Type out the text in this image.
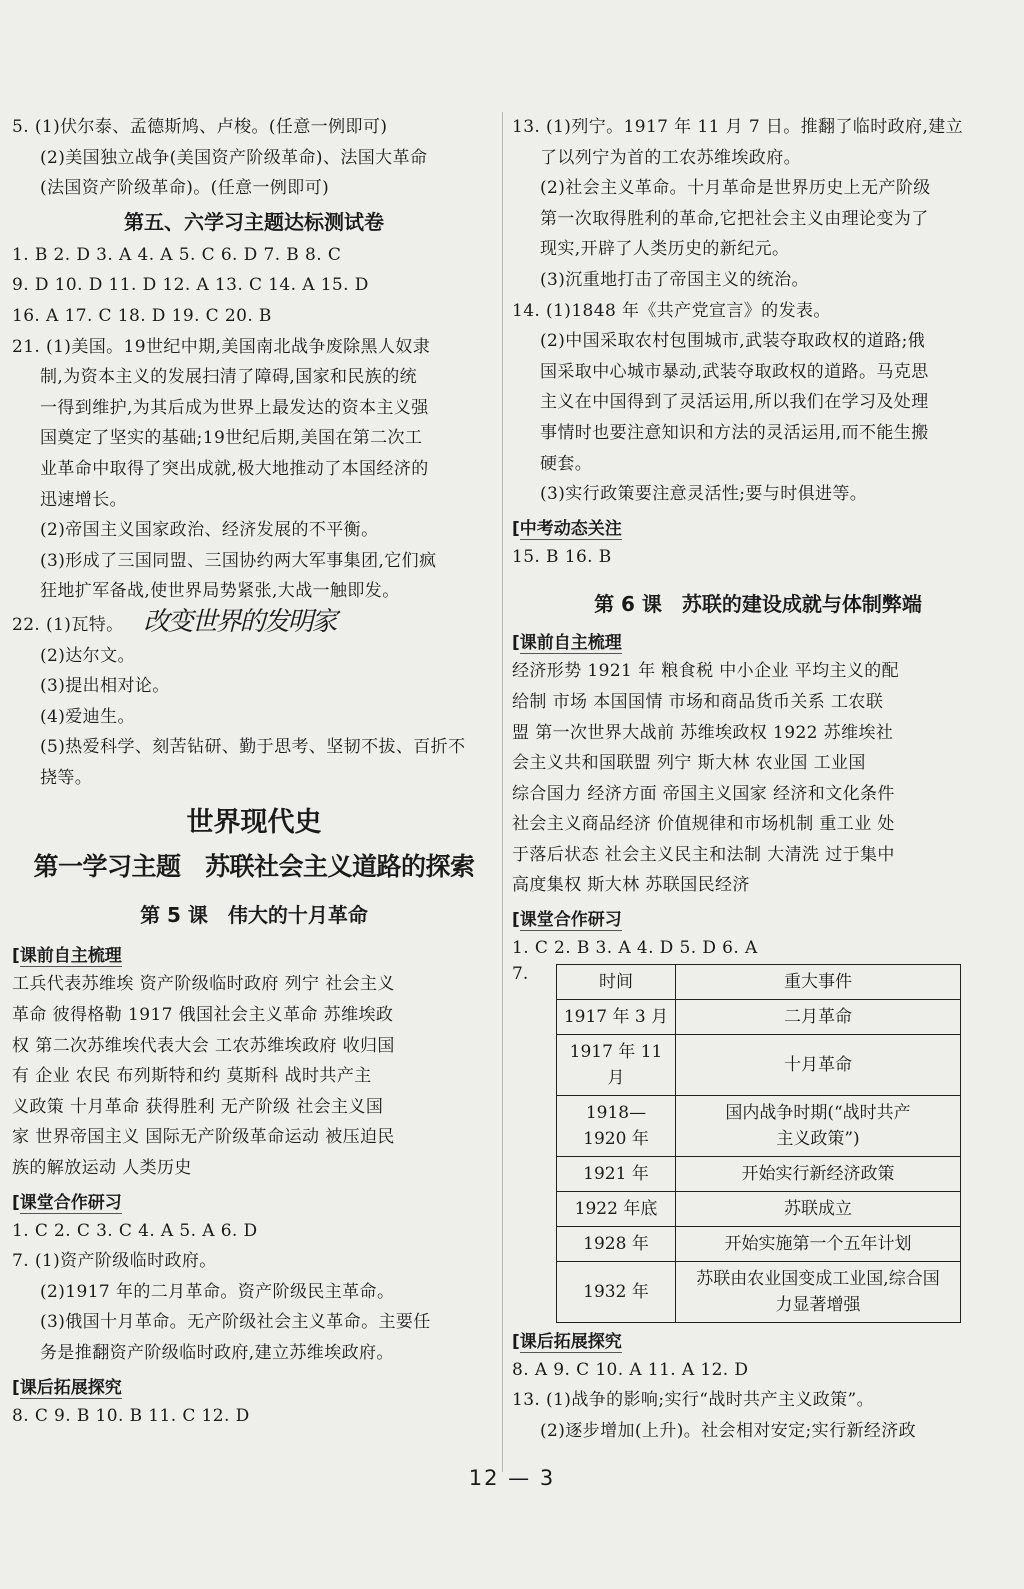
5. (1)伏尔泰、孟德斯鸠、卢梭。(任意一例即可)
(2)美国独立战争(美国资产阶级革命)、法国大革命
(法国资产阶级革命)。(任意一例即可)
第五、六学习主题达标测试卷
1. B 2. D 3. A 4. A 5. C 6. D 7. B 8. C
9. D 10. D 11. D 12. A 13. C 14. A 15. D
16. A 17. C 18. D 19. C 20. B
21. (1)美国。19世纪中期,美国南北战争废除黑人奴隶
制,为资本主义的发展扫清了障碍,国家和民族的统
一得到维护,为其后成为世界上最发达的资本主义强
国奠定了坚实的基础;19世纪后期,美国在第二次工
业革命中取得了突出成就,极大地推动了本国经济的
迅速增长。
(2)帝国主义国家政治、经济发展的不平衡。
(3)形成了三国同盟、三国协约两大军事集团,它们疯
狂地扩军备战,使世界局势紧张,大战一触即发。
22. (1)瓦特。 改变世界的发明家
(2)达尔文。
(3)提出相对论。
(4)爱迪生。
(5)热爱科学、刻苦钻研、勤于思考、坚韧不拔、百折不
挠等。
世界现代史
第一学习主题　苏联社会主义道路的探索
第 5 课　伟大的十月革命
[ 课前自主梳理
工兵代表苏维埃 资产阶级临时政府 列宁 社会主义
革命 彼得格勒 1917 俄国社会主义革命 苏维埃政
权 第二次苏维埃代表大会 工农苏维埃政府 收归国
有 企业 农民 布列斯特和约 莫斯科 战时共产主
义政策 十月革命 获得胜利 无产阶级 社会主义国
家 世界帝国主义 国际无产阶级革命运动 被压迫民
族的解放运动 人类历史
[ 课堂合作研习
1. C 2. C 3. C 4. A 5. A 6. D
7. (1)资产阶级临时政府。
(2)1917 年的二月革命。资产阶级民主革命。
(3)俄国十月革命。无产阶级社会主义革命。主要任
务是推翻资产阶级临时政府,建立苏维埃政府。
[ 课后拓展探究
8. C 9. B 10. B 11. C 12. D
13. (1)列宁。1917 年 11 月 7 日。推翻了临时政府,建立
了以列宁为首的工农苏维埃政府。
(2)社会主义革命。十月革命是世界历史上无产阶级
第一次取得胜利的革命,它把社会主义由理论变为了
现实,开辟了人类历史的新纪元。
(3)沉重地打击了帝国主义的统治。
14. (1)1848 年《共产党宣言》的发表。
(2)中国采取农村包围城市,武装夺取政权的道路;俄
国采取中心城市暴动,武装夺取政权的道路。马克思
主义在中国得到了灵活运用,所以我们在学习及处理
事情时也要注意知识和方法的灵活运用,而不能生搬
硬套。
(3)实行政策要注意灵活性;要与时俱进等。
[ 中考动态关注
15. B 16. B
第 6 课　苏联的建设成就与体制弊端
[ 课前自主梳理
经济形势 1921 年 粮食税 中小企业 平均主义的配
给制 市场 本国国情 市场和商品货币关系 工农联
盟 第一次世界大战前 苏维埃政权 1922 苏维埃社
会主义共和国联盟 列宁 斯大林 农业国 工业国
综合国力 经济方面 帝国主义国家 经济和文化条件
社会主义商品经济 价值规律和市场机制 重工业 处
于落后状态 社会主义民主和法制 大清洗 过于集中
高度集权 斯大林 苏联国民经济
[ 课堂合作研习
1. C 2. B 3. A 4. D 5. D 6. A
7.	时间	重大事件
1917 年 3 月	二月革命
1917 年 11 月	十月革命
1918—
1920 年	国内战争时期(“战时共产
主义政策”)
1921 年	开始实行新经济政策
1922 年底	苏联成立
1928 年	开始实施第一个五年计划
1932 年	苏联由农业国变成工业国,综合国
力显著增强
[ 课后拓展探究
8. A 9. C 10. A 11. A 12. D
13. (1)战争的影响;实行“战时共产主义政策”。
(2)逐步增加(上升)。社会相对安定;实行新经济政
12 — 3
